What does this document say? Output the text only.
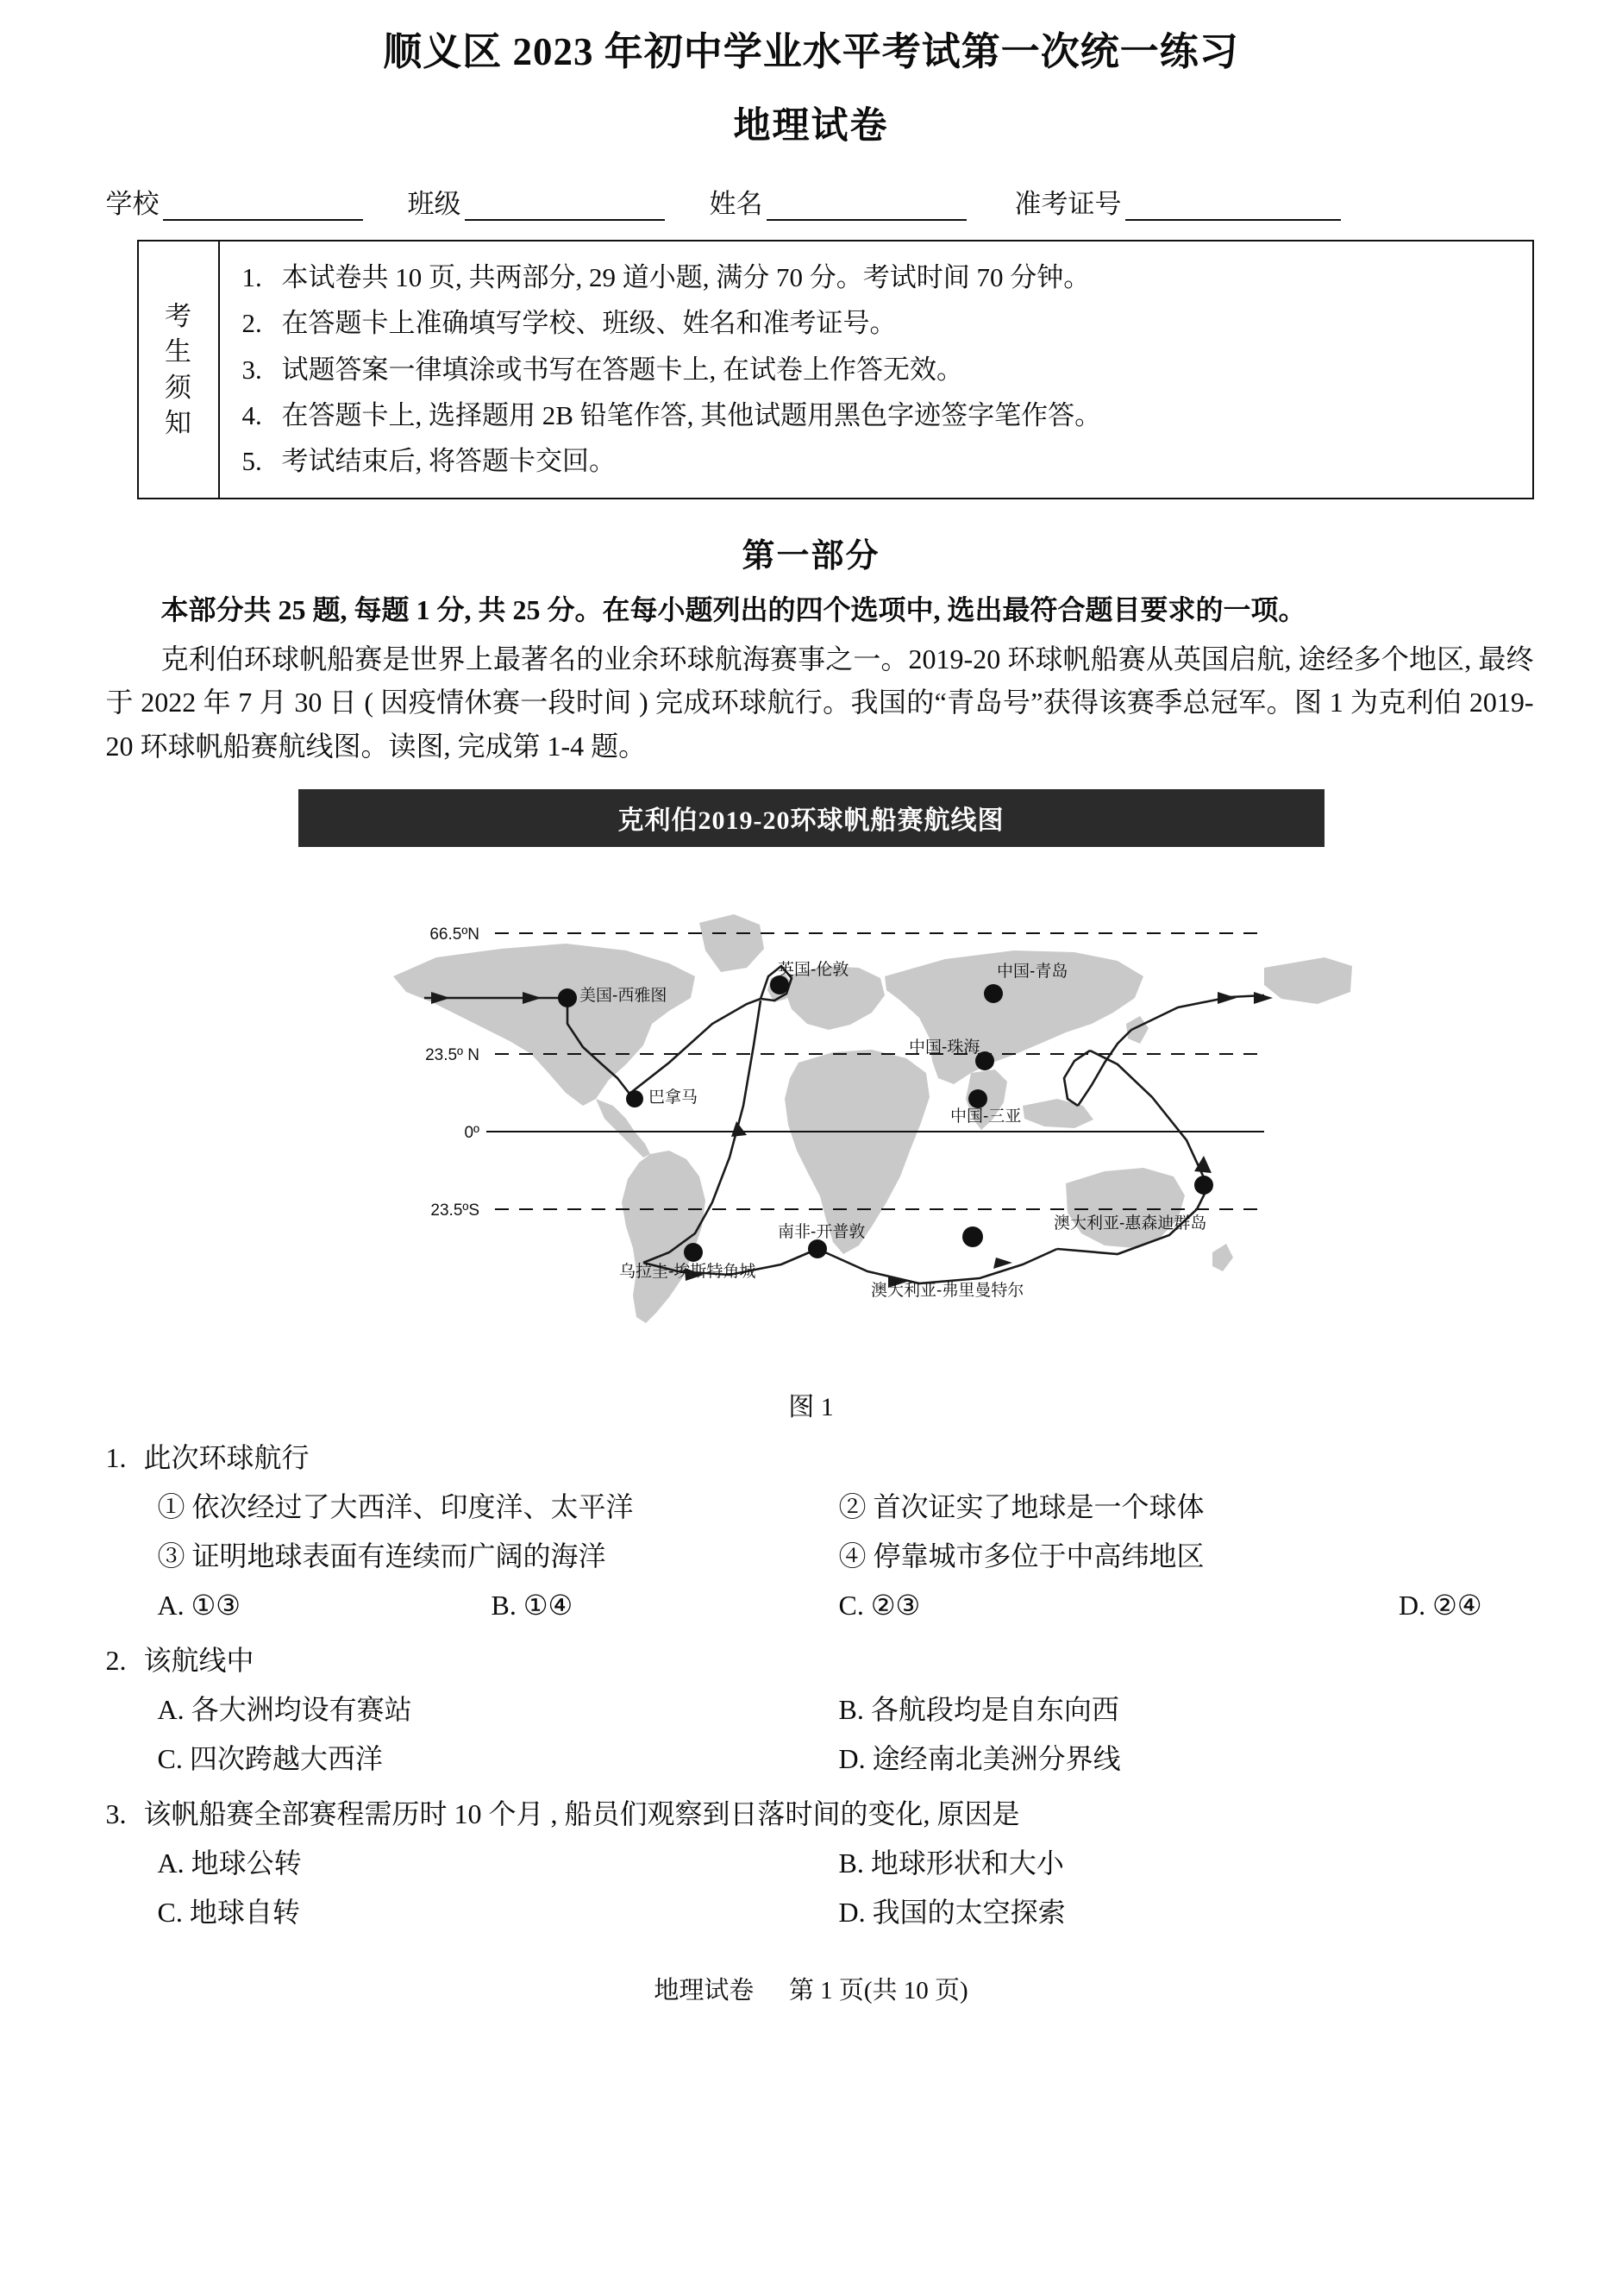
顺义区 2023 年初中学业水平考试第一次统一练习
地理试卷
学校	班级	姓名	准考证号
考
生
须
知
1. 本试卷共 10 页, 共两部分, 29 道小题, 满分 70 分。考试时间 70 分钟。
2. 在答题卡上准确填写学校、班级、姓名和准考证号。
3. 试题答案一律填涂或书写在答题卡上, 在试卷上作答无效。
4. 在答题卡上, 选择题用 2B 铅笔作答, 其他试题用黑色字迹签字笔作答。
5. 考试结束后, 将答题卡交回。
第一部分
本部分共 25 题, 每题 1 分, 共 25 分。在每小题列出的四个选项中, 选出最符合题目要求的一项。
克利伯环球帆船赛是世界上最著名的业余环球航海赛事之一。2019-20 环球帆船赛从英国启航, 途经多个地区, 最终于 2022 年 7 月 30 日 ( 因疫情休赛一段时间 ) 完成环球航行。我国的“青岛号”获得该赛季总冠军。图 1 为克利伯 2019-20 环球帆船赛航线图。读图, 完成第 1-4 题。
克利伯2019-20环球帆船赛航线图
66.5ºN
23.5º N
0º
23.5ºS
美国-西雅图
巴拿马
英国-伦敦	中国-青岛
中国-珠海
中国-三亚
乌拉圭-埃斯特角城
南非-开普敦
澳大利亚-弗里曼特尔
澳大利亚-惠森迪群岛
图 1
1. 此次环球航行
① 依次经过了大西洋、印度洋、太平洋	② 首次证实了地球是一个球体
③ 证明地球表面有连续而广阔的海洋	④ 停靠城市多位于中高纬地区
A. ①③	B. ①④	C. ②③	D. ②④
2. 该航线中
A. 各大洲均设有赛站	B. 各航段均是自东向西
C. 四次跨越大西洋	D. 途经南北美洲分界线
3. 该帆船赛全部赛程需历时 10 个月 , 船员们观察到日落时间的变化, 原因是
A. 地球公转	B. 地球形状和大小
C. 地球自转	D. 我国的太空探索
地理试卷 第 1 页(共 10 页)
